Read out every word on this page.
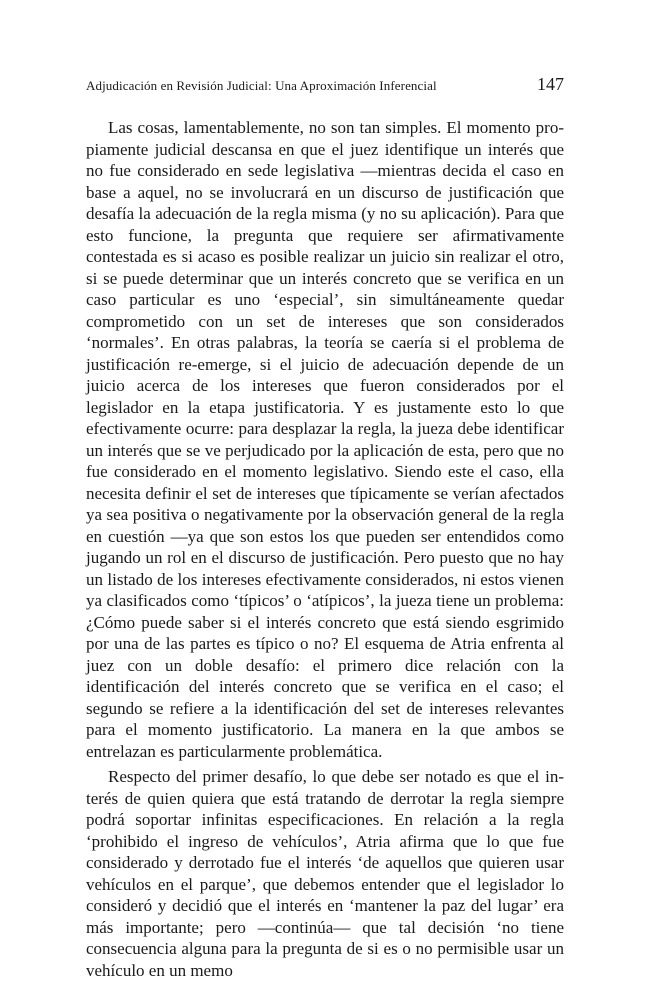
Adjudicación en Revisión Judicial: Una Aproximación Inferencial	147

Las cosas, lamentablemente, no son tan simples. El momento propiamente judicial descansa en que el juez identifique un interés que no fue considerado en sede legislativa —mientras decida el caso en base a aquel, no se involucrará en un discurso de justificación que desafía la adecuación de la regla misma (y no su aplicación). Para que esto funcione, la pregunta que requiere ser afirmativamente contestada es si acaso es posible realizar un juicio sin realizar el otro, si se puede determinar que un interés concreto que se verifica en un caso particular es uno ‘especial’, sin simultáneamente quedar comprometido con un set de intereses que son considerados ‘normales’. En otras palabras, la teoría se caería si el problema de justificación re-emerge, si el juicio de adecuación depende de un juicio acerca de los intereses que fueron considerados por el legislador en la etapa justificatoria. Y es justamente esto lo que efectivamente ocurre: para desplazar la regla, la jueza debe identificar un interés que se ve perjudicado por la aplicación de esta, pero que no fue considerado en el momento legislativo. Siendo este el caso, ella necesita definir el set de intereses que típicamente se verían afectados ya sea positiva o negativamente por la observación general de la regla en cuestión —ya que son estos los que pueden ser entendidos como jugando un rol en el discurso de justificación. Pero puesto que no hay un listado de los intereses efectivamente considerados, ni estos vienen ya clasificados como ‘típicos’ o ‘atípicos’, la jueza tiene un problema: ¿Cómo puede saber si el interés concreto que está siendo esgrimido por una de las partes es típico o no? El esquema de Atria enfrenta al juez con un doble desafío: el primero dice relación con la identificación del interés concreto que se verifica en el caso; el segundo se refiere a la identificación del set de intereses relevantes para el momento justificatorio. La manera en la que ambos se entrelazan es particularmente problemática.

Respecto del primer desafío, lo que debe ser notado es que el interés de quien quiera que está tratando de derrotar la regla siempre podrá soportar infinitas especificaciones. En relación a la regla ‘prohibido el ingreso de vehículos’, Atria afirma que lo que fue considerado y derrotado fue el interés ‘de aquellos que quieren usar vehículos en el parque’, que debemos entender que el legislador lo consideró y decidió que el interés en ‘mantener la paz del lugar’ era más importante; pero —continúa— que tal decisión ‘no tiene consecuencia alguna para la pregunta de si es o no permisible usar un vehículo en un memo
